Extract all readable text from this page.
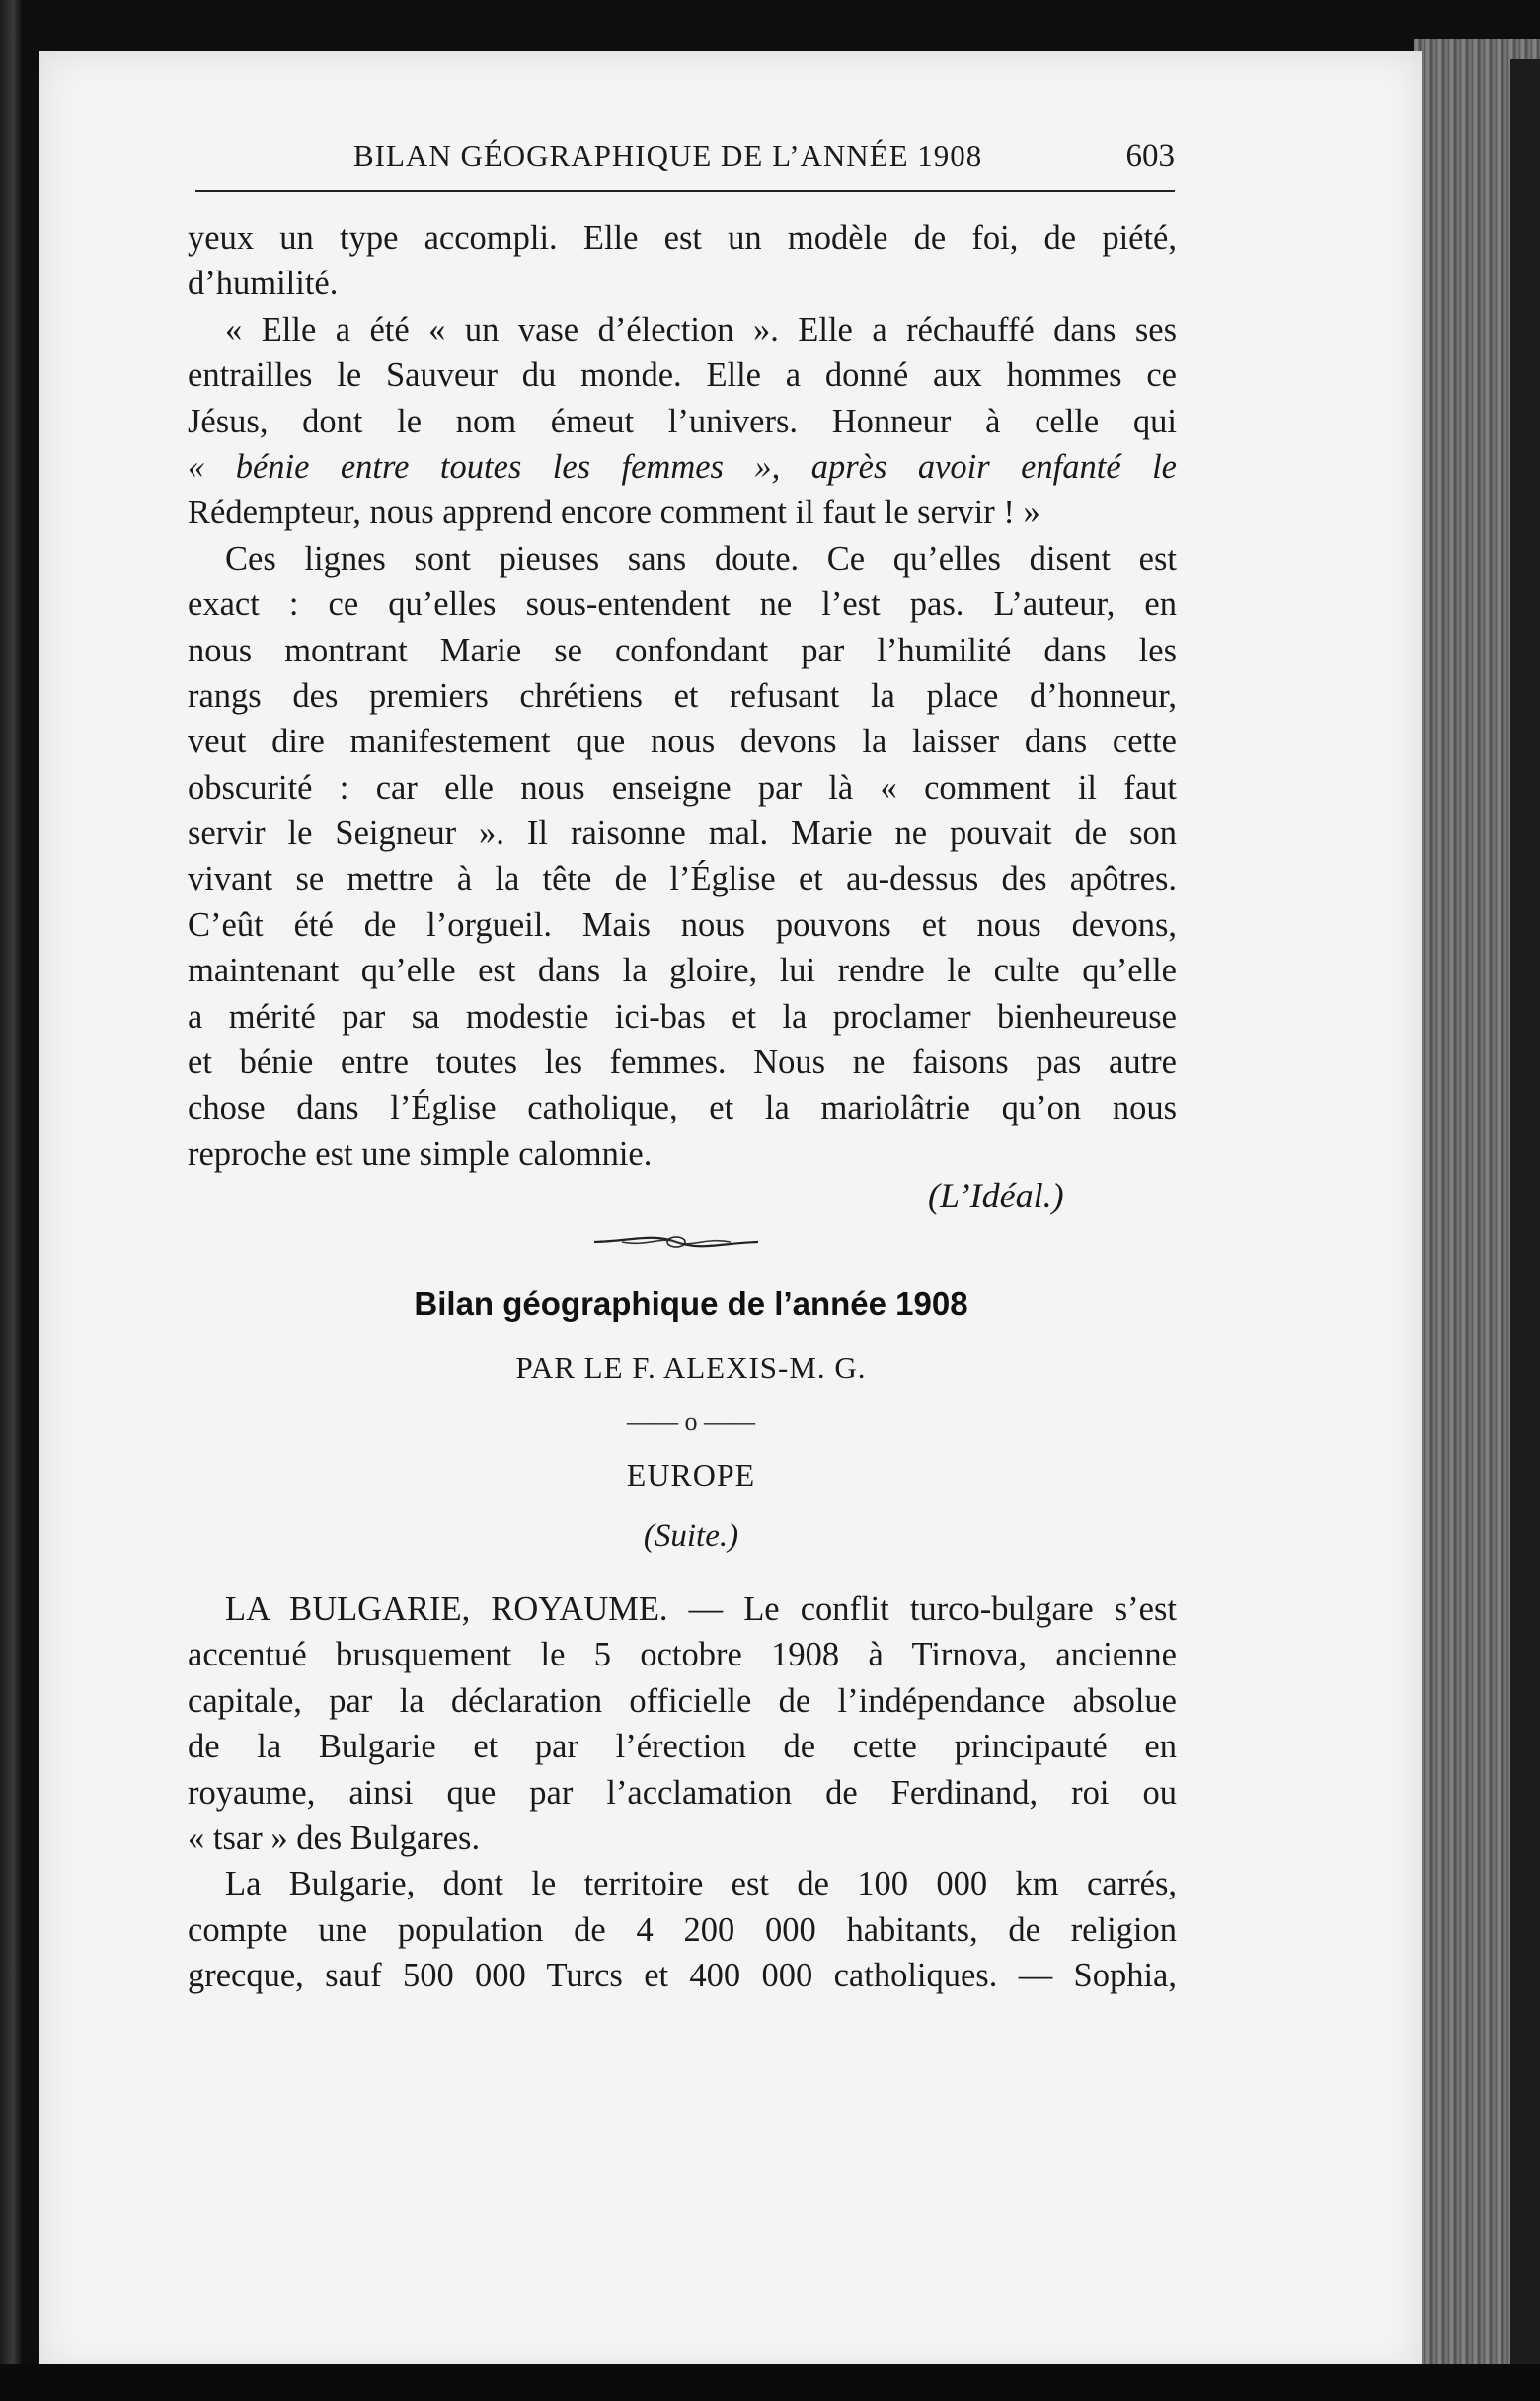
BILAN GÉOGRAPHIQUE DE L’ANNÉE 1908	603
yeux un type accompli. Elle est un modèle de foi, de piété,
d’humilité.
« Elle a été « un vase d’élection ». Elle a réchauffé dans ses
entrailles le Sauveur du monde. Elle a donné aux hommes ce
Jésus, dont le nom émeut l’univers. Honneur à celle qui
« bénie entre toutes les femmes », après avoir enfanté le
Rédempteur, nous apprend encore comment il faut le servir ! »
Ces lignes sont pieuses sans doute. Ce qu’elles disent est
exact : ce qu’elles sous-entendent ne l’est pas. L’auteur, en
nous montrant Marie se confondant par l’humilité dans les
rangs des premiers chrétiens et refusant la place d’honneur,
veut dire manifestement que nous devons la laisser dans cette
obscurité : car elle nous enseigne par là « comment il faut
servir le Seigneur ». Il raisonne mal. Marie ne pouvait de son
vivant se mettre à la tête de l’Église et au-dessus des apôtres.
C’eût été de l’orgueil. Mais nous pouvons et nous devons,
maintenant qu’elle est dans la gloire, lui rendre le culte qu’elle
a mérité par sa modestie ici-bas et la proclamer bienheureuse
et bénie entre toutes les femmes. Nous ne faisons pas autre
chose dans l’Église catholique, et la mariolâtrie qu’on nous
reproche est une simple calomnie.
(L’Idéal.)
Bilan géographique de l’année 1908
PAR LE F. ALEXIS-M. G.
—— o ——
EUROPE
(Suite.)
LA BULGARIE, ROYAUME. — Le conflit turco-bulgare s’est
accentué brusquement le 5 octobre 1908 à Tirnova, ancienne
capitale, par la déclaration officielle de l’indépendance absolue
de la Bulgarie et par l’érection de cette principauté en
royaume, ainsi que par l’acclamation de Ferdinand, roi ou
« tsar » des Bulgares.
La Bulgarie, dont le territoire est de 100 000 km carrés,
compte une population de 4 200 000 habitants, de religion
grecque, sauf 500 000 Turcs et 400 000 catholiques. — Sophia,
